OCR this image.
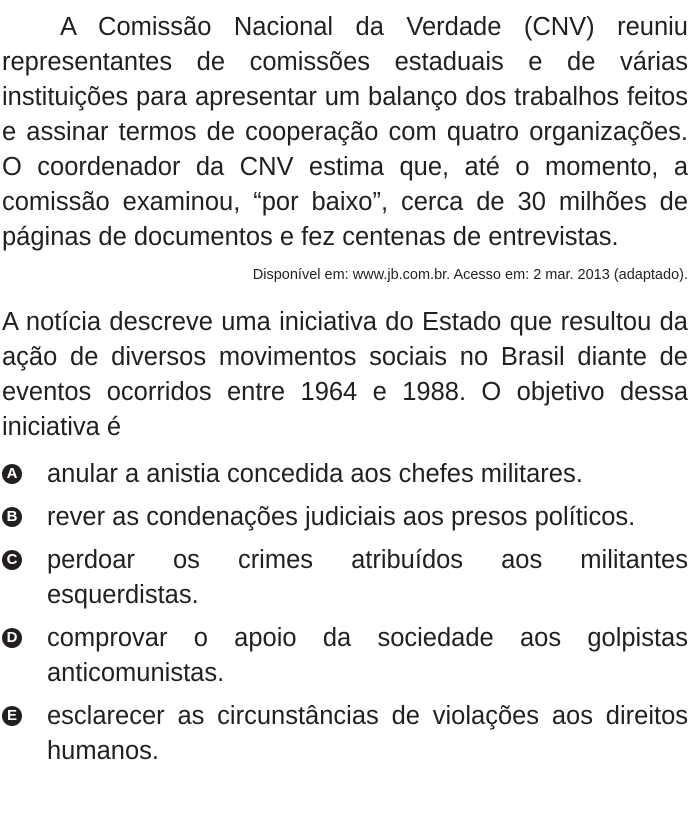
A Comissão Nacional da Verdade (CNV) reuniu representantes de comissões estaduais e de várias instituições para apresentar um balanço dos trabalhos feitos e assinar termos de cooperação com quatro organizações. O coordenador da CNV estima que, até o momento, a comissão examinou, “por baixo”, cerca de 30 milhões de páginas de documentos e fez centenas de entrevistas.

Disponível em: www.jb.com.br. Acesso em: 2 mar. 2013 (adaptado).

A notícia descreve uma iniciativa do Estado que resultou da ação de diversos movimentos sociais no Brasil diante de eventos ocorridos entre 1964 e 1988. O objetivo dessa iniciativa é

A anular a anistia concedida aos chefes militares.
B rever as condenações judiciais aos presos políticos.
C perdoar os crimes atribuídos aos militantes esquerdistas.
D comprovar o apoio da sociedade aos golpistas anticomunistas.
E esclarecer as circunstâncias de violações aos direitos humanos.
